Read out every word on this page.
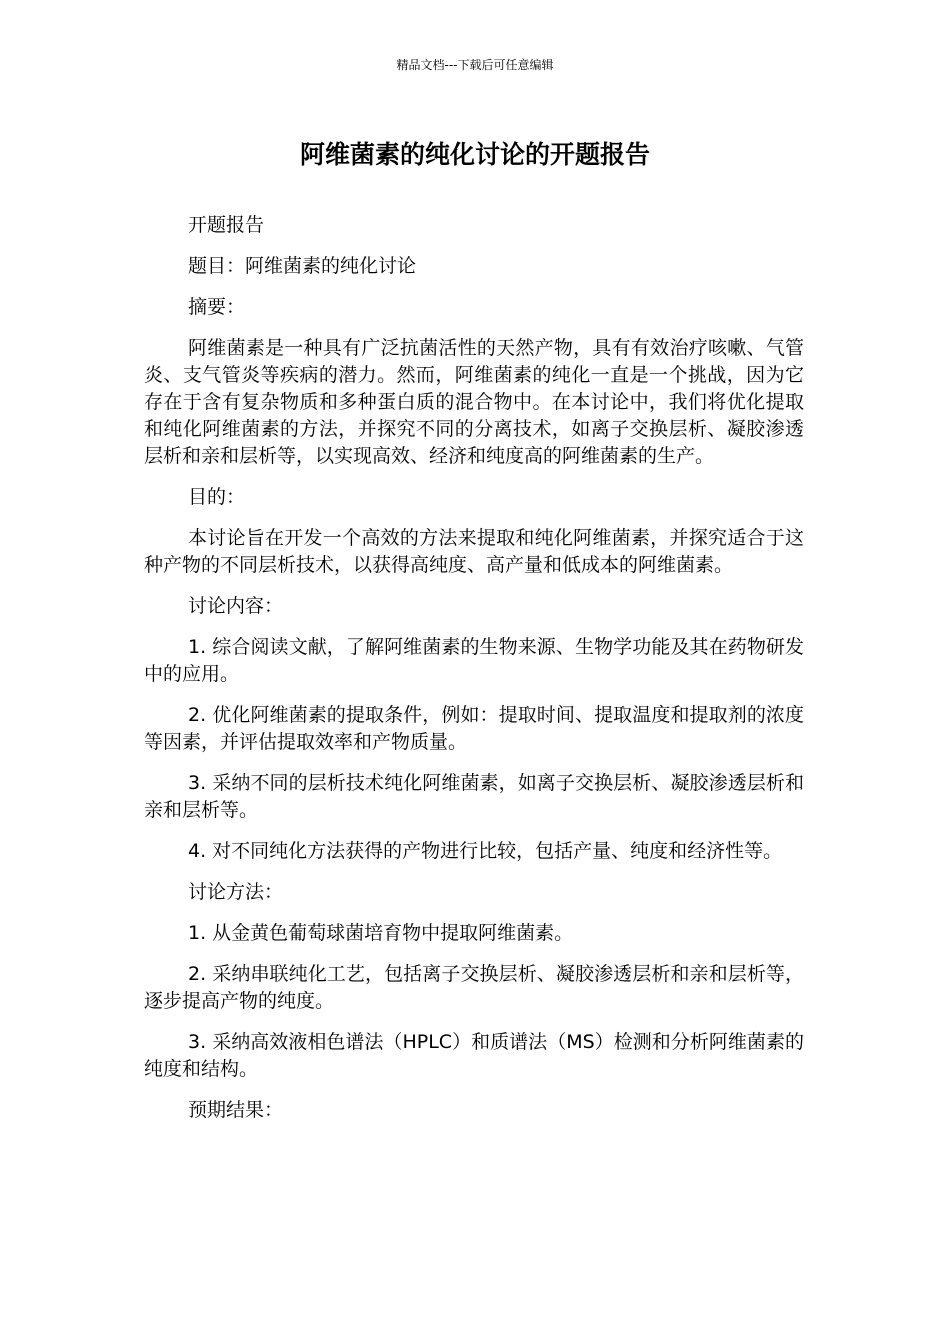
精品文档---下载后可任意编辑
阿维菌素的纯化讨论的开题报告

开题报告

题目：阿维菌素的纯化讨论

摘要：

阿维菌素是一种具有广泛抗菌活性的天然产物，具有有效治疗咳嗽、气管炎、支气管炎等疾病的潜力。然而，阿维菌素的纯化一直是一个挑战，因为它存在于含有复杂物质和多种蛋白质的混合物中。在本讨论中，我们将优化提取和纯化阿维菌素的方法，并探究不同的分离技术，如离子交换层析、凝胶渗透层析和亲和层析等，以实现高效、经济和纯度高的阿维菌素的生产。

目的：

本讨论旨在开发一个高效的方法来提取和纯化阿维菌素，并探究适合于这种产物的不同层析技术，以获得高纯度、高产量和低成本的阿维菌素。

讨论内容：

1. 综合阅读文献，了解阿维菌素的生物来源、生物学功能及其在药物研发中的应用。

2. 优化阿维菌素的提取条件，例如：提取时间、提取温度和提取剂的浓度等因素，并评估提取效率和产物质量。

3. 采纳不同的层析技术纯化阿维菌素，如离子交换层析、凝胶渗透层析和亲和层析等。

4. 对不同纯化方法获得的产物进行比较，包括产量、纯度和经济性等。

讨论方法：

1. 从金黄色葡萄球菌培育物中提取阿维菌素。

2. 采纳串联纯化工艺，包括离子交换层析、凝胶渗透层析和亲和层析等，逐步提高产物的纯度。

3. 采纳高效液相色谱法（HPLC）和质谱法（MS）检测和分析阿维菌素的纯度和结构。

预期结果：
